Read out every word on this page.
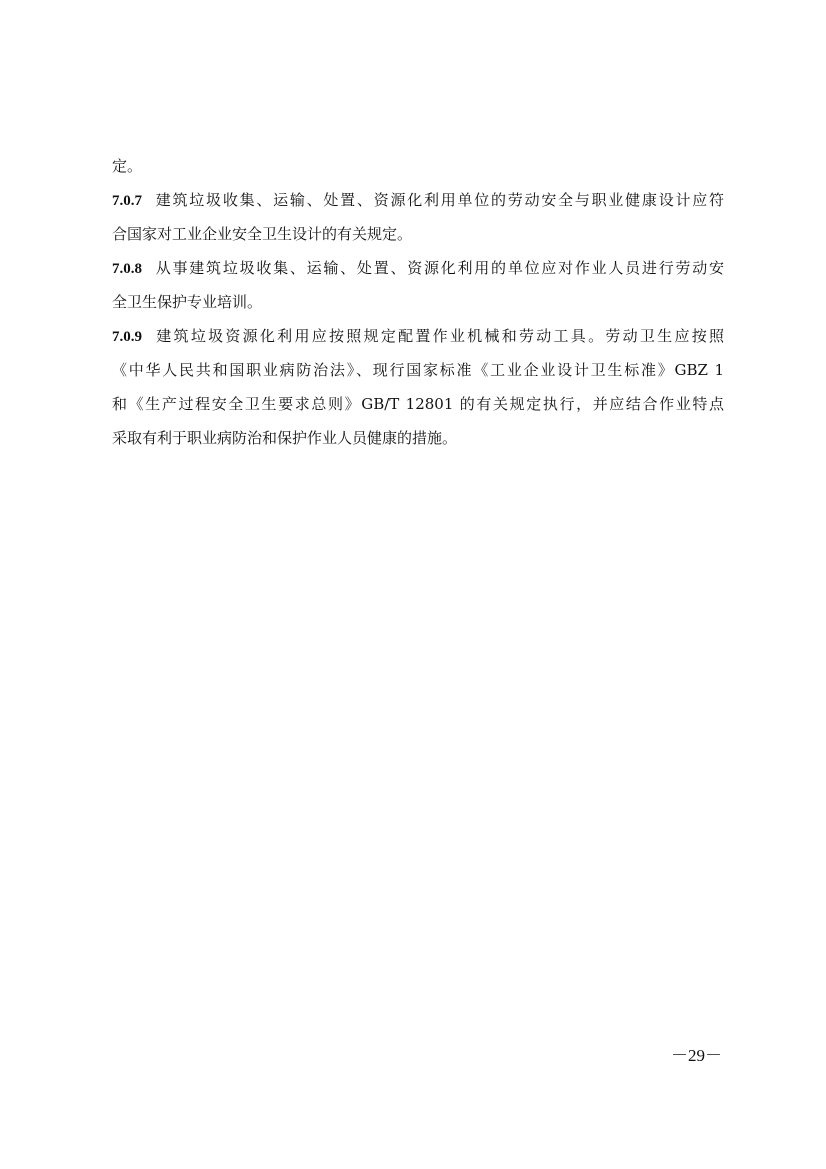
定。
7.0.7 建筑垃圾收集、运输、处置、资源化利用单位的劳动安全与职业健康设计应符
合国家对工业企业安全卫生设计的有关规定。
7.0.8 从事建筑垃圾收集、运输、处置、资源化利用的单位应对作业人员进行劳动安
全卫生保护专业培训。
7.0.9 建筑垃圾资源化利用应按照规定配置作业机械和劳动工具。劳动卫生应按照
《中华人民共和国职业病防治法》、现行国家标准《工业企业设计卫生标准》GBZ 1
和《生产过程安全卫生要求总则》GB/T 12801 的有关规定执行，并应结合作业特点
采取有利于职业病防治和保护作业人员健康的措施。
－29－
